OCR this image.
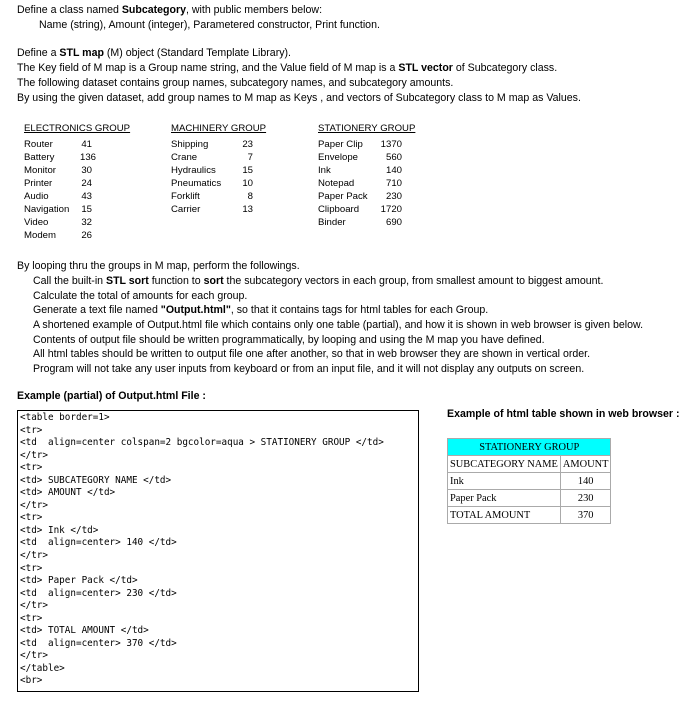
Define a class named Subcategory, with public members below:
Name (string), Amount (integer), Parametered constructor, Print function.
Define a STL map (M) object (Standard Template Library).
The Key field of M map is a Group name string, and the Value field of M map is a STL vector of Subcategory class.
The following dataset contains group names, subcategory names, and subcategory amounts.
By using the given dataset, add group names to M map as Keys , and vectors of Subcategory class to M map as Values.
ELECTRONICS GROUP
Router	41
Battery	136
Monitor	30
Printer	24
Audio	43
Navigation	15
Video	32
Modem	26
MACHINERY GROUP
Shipping	23
Crane	7
Hydraulics	15
Pneumatics	10
Forklift	8
Carrier	13
STATIONERY GROUP
Paper Clip	1370
Envelope	560
Ink	140
Notepad	710
Paper Pack	230
Clipboard	1720
Binder	690
By looping thru the groups in M map, perform the followings.
Call the built-in STL sort function to sort the subcategory vectors in each group, from smallest amount to biggest amount.
Calculate the total of amounts for each group.
Generate a text file named "Output.html", so that it contains tags for html tables for each Group.
A shortened example of Output.html file which contains only one table (partial), and how it is shown in web browser is given below.
Contents of output file should be written programmatically, by looping and using the M map you have defined.
All html tables should be written to output file one after another, so that in web browser they are shown in vertical order.
Program will not take any user inputs from keyboard or from an input file, and it will not display any outputs on screen.
Example (partial) of Output.html File :
Example of html table shown in web browser :
<table border=1>
<tr>
<td  align=center colspan=2 bgcolor=aqua > STATIONERY GROUP </td>
</tr>
<tr>
<td> SUBCATEGORY NAME </td>
<td> AMOUNT </td>
</tr>
<tr>
<td> Ink </td>
<td  align=center> 140 </td>
</tr>
<tr>
<td> Paper Pack </td>
<td  align=center> 230 </td>
</tr>
<tr>
<td> TOTAL AMOUNT </td>
<td  align=center> 370 </td>
</tr>
</table>
<br>
STATIONERY GROUP	
SUBCATEGORY NAME	AMOUNT
Ink	140
Paper Pack	230
TOTAL AMOUNT	370
